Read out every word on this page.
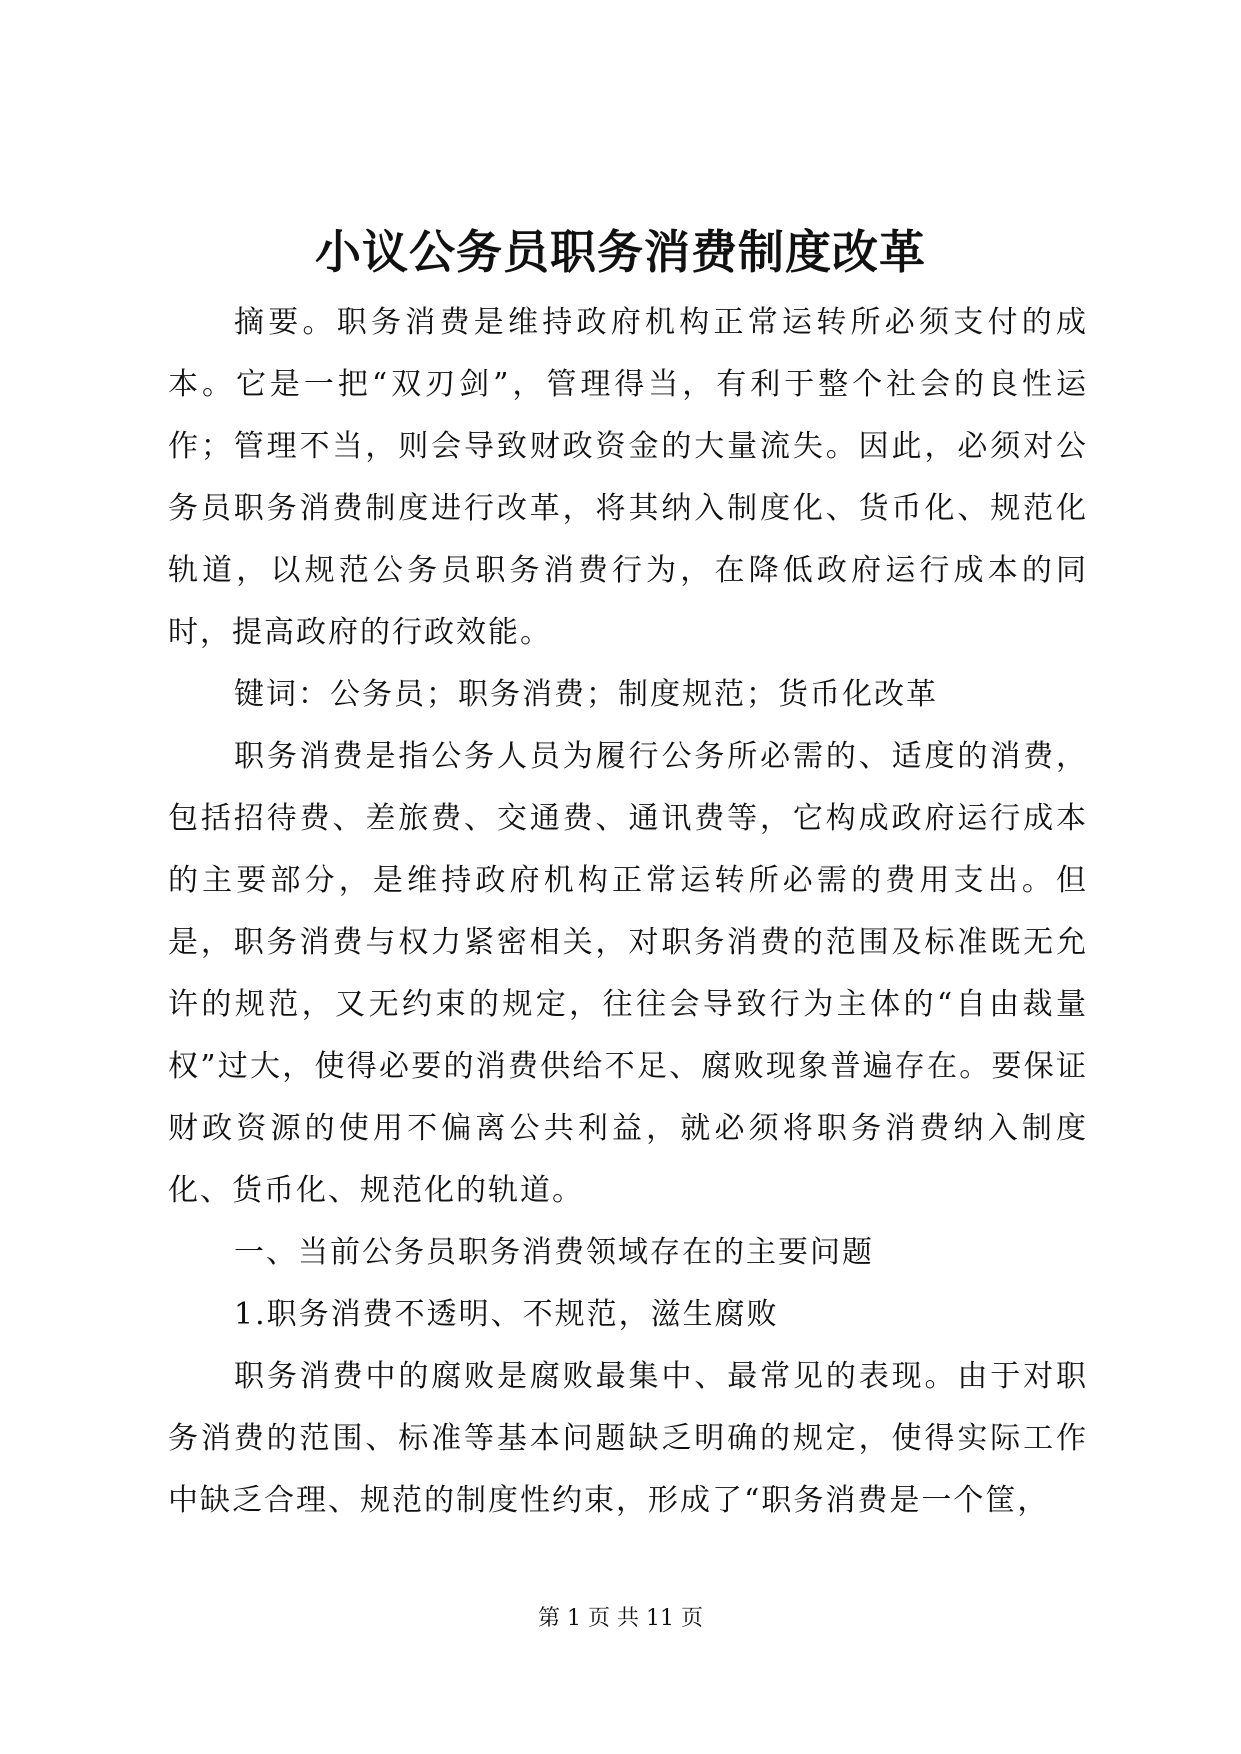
小议公务员职务消费制度改革

摘要。职务消费是维持政府机构正常运转所必须支付的成本。它是一把“双刃剑”，管理得当，有利于整个社会的良性运作；管理不当，则会导致财政资金的大量流失。因此，必须对公务员职务消费制度进行改革，将其纳入制度化、货币化、规范化轨道，以规范公务员职务消费行为，在降低政府运行成本的同时，提高政府的行政效能。

键词：公务员；职务消费；制度规范；货币化改革

职务消费是指公务人员为履行公务所必需的、适度的消费，包括招待费、差旅费、交通费、通讯费等，它构成政府运行成本的主要部分，是维持政府机构正常运转所必需的费用支出。但是，职务消费与权力紧密相关，对职务消费的范围及标准既无允许的规范，又无约束的规定，往往会导致行为主体的“自由裁量权”过大，使得必要的消费供给不足、腐败现象普遍存在。要保证财政资源的使用不偏离公共利益，就必须将职务消费纳入制度化、货币化、规范化的轨道。

一、当前公务员职务消费领域存在的主要问题

1.职务消费不透明、不规范，滋生腐败

职务消费中的腐败是腐败最集中、最常见的表现。由于对职务消费的范围、标准等基本问题缺乏明确的规定，使得实际工作中缺乏合理、规范的制度性约束，形成了“职务消费是一个筐，

第 1 页 共 11 页
